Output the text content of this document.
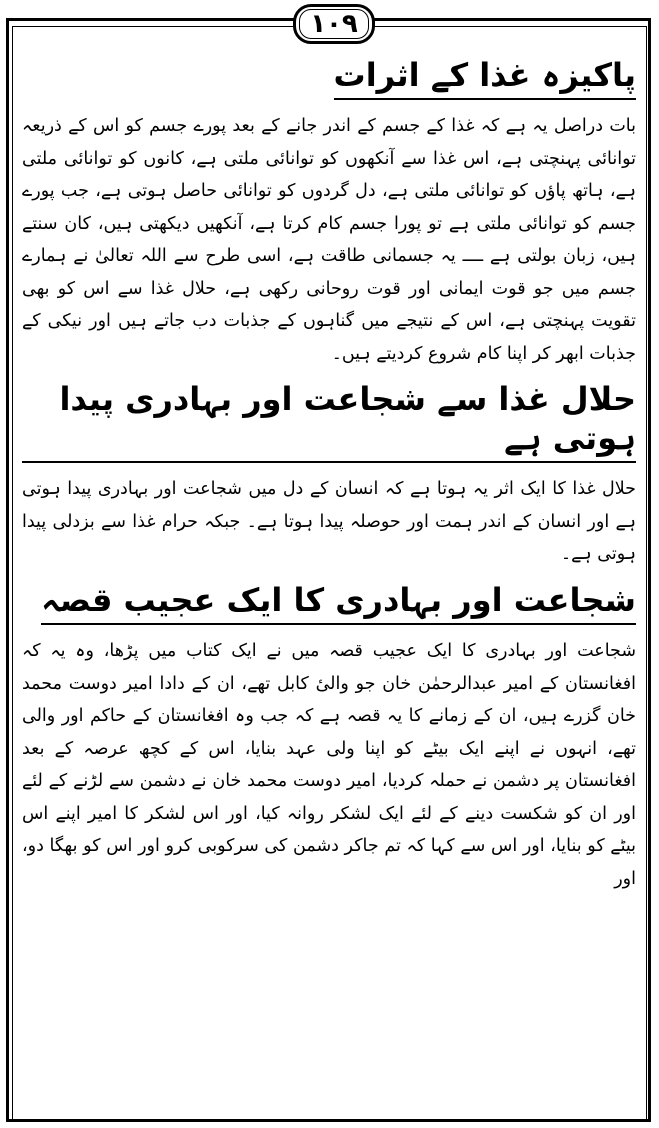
١٠٩
پاکیزہ غذا کے اثرات

بات دراصل یہ ہے کہ غذا کے جسم کے اندر جانے کے بعد پورے جسم کو اس کے ذریعہ توانائی پہنچتی ہے، اس غذا سے آنکھوں کو توانائی ملتی ہے، کانوں کو توانائی ملتی ہے، ہاتھ پاؤں کو توانائی ملتی ہے، دل گردوں کو توانائی حاصل ہوتی ہے، جب پورے جسم کو توانائی ملتی ہے تو پورا جسم کام کرتا ہے، آنکھیں دیکھتی ہیں، کان سنتے ہیں، زبان بولتی ہے ــــ یہ جسمانی طاقت ہے، اسی طرح سے اللہ تعالیٰ نے ہمارے جسم میں جو قوت ایمانی اور قوت روحانی رکھی ہے، حلال غذا سے اس کو بھی تقویت پہنچتی ہے، اس کے نتیجے میں گناہوں کے جذبات دب جاتے ہیں اور نیکی کے جذبات ابھر کر اپنا کام شروع کردیتے ہیں۔

حلال غذا سے شجاعت اور بہادری پیدا ہوتی ہے

حلال غذا کا ایک اثر یہ ہوتا ہے کہ انسان کے دل میں شجاعت اور بہادری پیدا ہوتی ہے اور انسان کے اندر ہمت اور حوصلہ پیدا ہوتا ہے۔ جبکہ حرام غذا سے بزدلی پیدا ہوتی ہے۔

شجاعت اور بہادری کا ایک عجیب قصہ

شجاعت اور بہادری کا ایک عجیب قصہ میں نے ایک کتاب میں پڑھا، وہ یہ کہ افغانستان کے امیر عبدالرحمٰن خان جو والیٔ کابل تھے، ان کے دادا امیر دوست محمد خان گزرے ہیں، ان کے زمانے کا یہ قصہ ہے کہ جب وہ افغانستان کے حاکم اور والی تھے، انہوں نے اپنے ایک بیٹے کو اپنا ولی عہد بنایا، اس کے کچھ عرصہ کے بعد افغانستان پر دشمن نے حملہ کردیا، امیر دوست محمد خان نے دشمن سے لڑنے کے لئے اور ان کو شکست دینے کے لئے ایک لشکر روانہ کیا، اور اس لشکر کا امیر اپنے اس بیٹے کو بنایا، اور اس سے کہا کہ تم جاکر دشمن کی سرکوبی کرو اور اس کو بھگا دو، اور
